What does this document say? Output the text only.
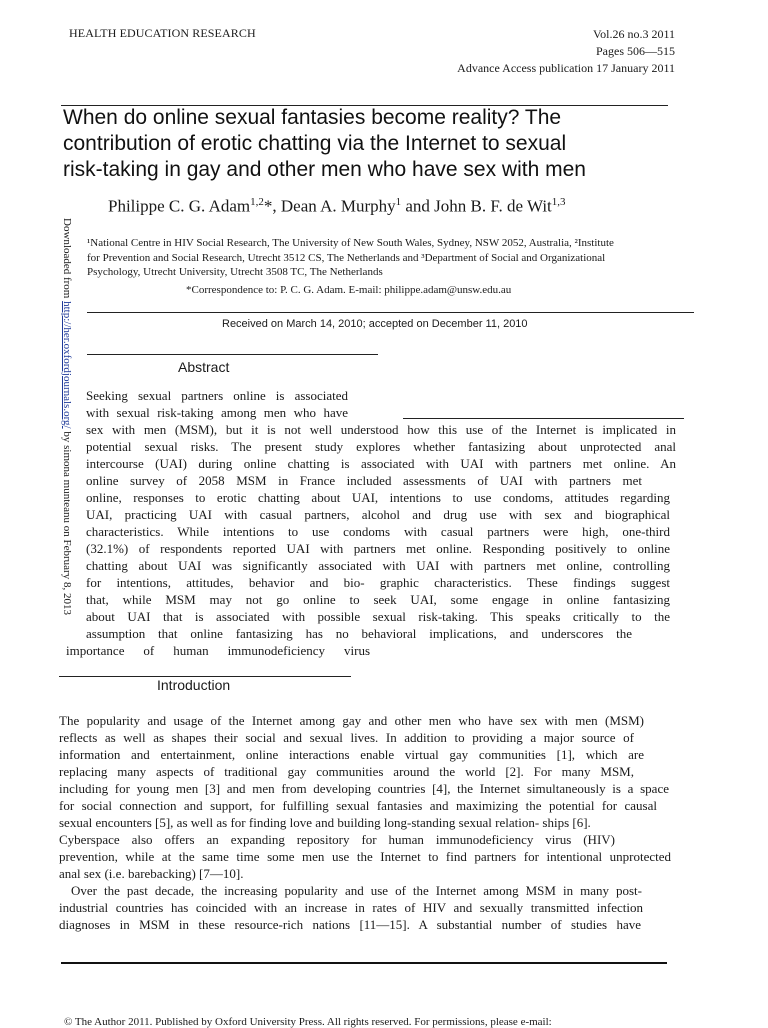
HEALTH EDUCATION RESEARCH	Vol.26 no.3 2011
Pages 506—515
Advance Access publication 17 January 2011
When do online sexual fantasies become reality? The
contribution of erotic chatting via the Internet to sexual
risk-taking in gay and other men who have sex with men
Philippe C. G. Adam$^{1,2}$*, Dean A. Murphy$^1$ and John B. F. de Wit$^{1,3}$
¹National Centre in HIV Social Research, The University of New South Wales, Sydney, NSW 2052, Australia, ²Institute
for Prevention and Social Research, Utrecht 3512 CS, The Netherlands and ³Department of Social and Organizational
Psychology, Utrecht University, Utrecht 3508 TC, The Netherlands
*Correspondence to: P. C. G. Adam. E-mail: philippe.adam@unsw.edu.au
Received on March 14, 2010; accepted on December 11, 2010
Downloaded from http://her.oxfordjournals.org/ by simona munteanu on February 8, 2013
Abstract
Seeking sexual partners online is associated
with sexual risk-taking among men who have
sex with men (MSM), but it is not well understood how this use of the Internet is implicated in
potential sexual risks. The present study explores whether fantasizing about unprotected anal
intercourse (UAI) during online chatting is associated with UAI with partners met online. An
online survey of 2058 MSM in France included assessments of UAI with partners met
online, responses to erotic chatting about UAI, intentions to use condoms, attitudes regarding
UAI, practicing UAI with casual partners, alcohol and drug use with sex and biographical
characteristics. While intentions to use condoms with casual partners were high, one-third
(32.1%) of respondents reported UAI with partners met online. Responding positively to online
chatting about UAI was significantly associated with UAI with partners met online, controlling
for intentions, attitudes, behavior and bio- graphic characteristics. These findings suggest
that, while MSM may not go online to seek UAI, some engage in online fantasizing
about UAI that is associated with possible sexual risk-taking. This speaks critically to the
assumption that online fantasizing has no behavioral implications, and underscores the
importance of human immunodeficiency virus
Introduction
The popularity and usage of the Internet among gay and other men who have sex with men (MSM)
reflects as well as shapes their social and sexual lives. In addition to providing a major source of
information and entertainment, online interactions enable virtual gay communities [1], which are
replacing many aspects of traditional gay communities around the world [2]. For many MSM,
including for young men [3] and men from developing countries [4], the Internet simultaneously is a space
for social connection and support, for fulfilling sexual fantasies and maximizing the potential for causal
sexual encounters [5], as well as for finding love and building long-standing sexual relation- ships [6].
Cyberspace also offers an expanding repository for human immunodeficiency virus (HIV)
prevention, while at the same time some men use the Internet to find partners for intentional unprotected
anal sex (i.e. barebacking) [7—10].
Over the past decade, the increasing popularity and use of the Internet among MSM in many post-
industrial countries has coincided with an increase in rates of HIV and sexually transmitted infection
diagnoses in MSM in these resource-rich nations [11—15]. A substantial number of studies have
© The Author 2011. Published by Oxford University Press. All rights reserved. For permissions, please e-mail:
